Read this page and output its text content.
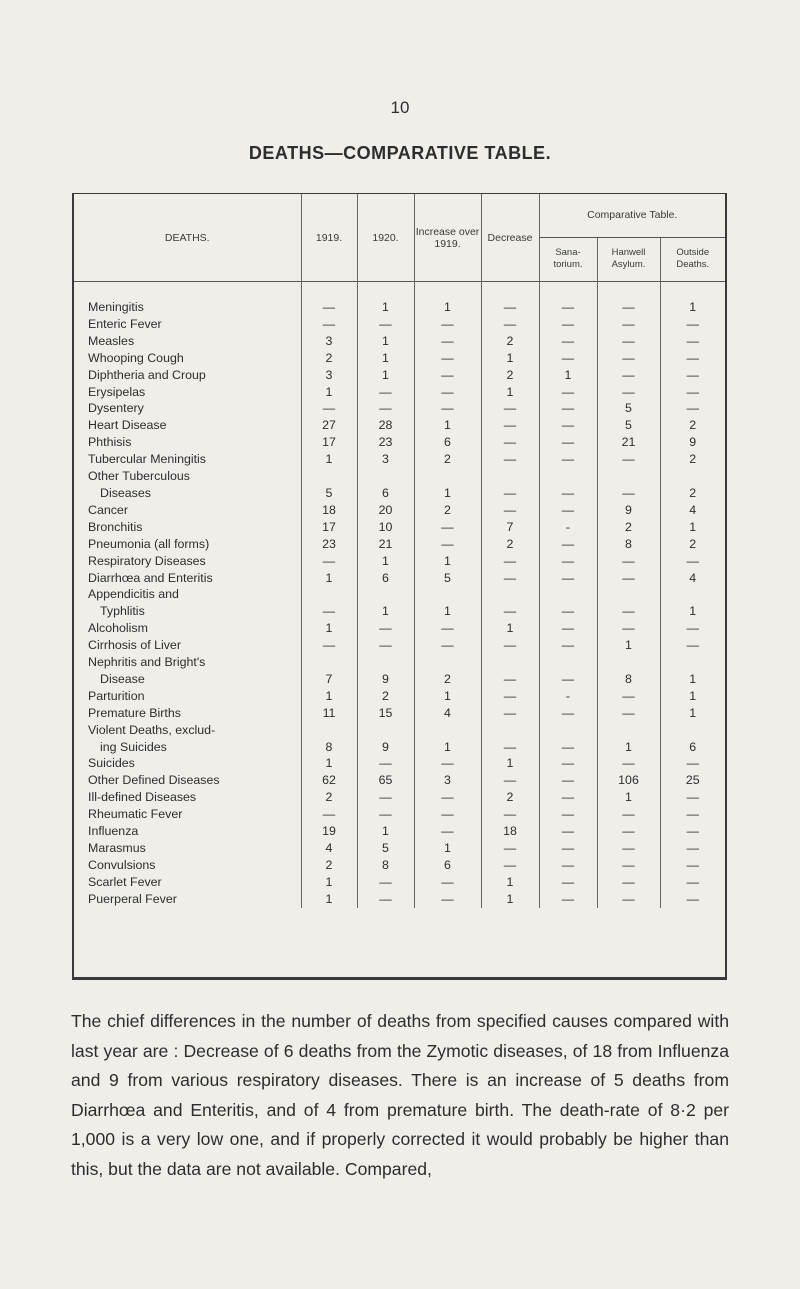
10
DEATHS—COMPARATIVE TABLE.
DEATHS.	1919.	1920.	Increase over 1919.	Decrease	Comparative Table.		
					Sana- torium.	Hanwell Asylum.	Outside Deaths.

Meningitis	—	1	1	—	—	—	1
Enteric Fever	—	—	—	—	—	—	—
Measles	3	1	—	2	—	—	—
Whooping Cough	2	1	—	1	—	—	—
Diphtheria and Croup	3	1	—	2	1	—	—
Erysipelas	1	—	—	1	—	—	—
Dysentery	—	—	—	—	—	5	—
Heart Disease	27	28	1	—	—	5	2
Phthisis	17	23	6	—	—	21	9
Tubercular Meningitis	1	3	2	—	—	—	2
Other Tuberculous							
Diseases	5	6	1	—	—	—	2
Cancer	18	20	2	—	—	9	4
Bronchitis	17	10	—	7	-	2	1
Pneumonia (all forms)	23	21	—	2	—	8	2
Respiratory Diseases	—	1	1	—	—	—	—
Diarrhœa and Enteritis	1	6	5	—	—	—	4
Appendicitis and							
Typhlitis	—	1	1	—	—	—	1
Alcoholism	1	—	—	1	—	—	—
Cirrhosis of Liver	—	—	—	—	—	1	—
Nephritis and Bright's							
Disease	7	9	2	—	—	8	1
Parturition	1	2	1	—	-	—	1
Premature Births	11	15	4	—	—	—	1
Violent Deaths, exclud-							
ing Suicides	8	9	1	—	—	1	6
Suicides	1	—	—	1	—	—	—
Other Defined Diseases	62	65	3	—	—	106	25
Ill-defined Diseases	2	—	—	2	—	1	—
Rheumatic Fever	—	—	—	—	—	—	—
Influenza	19	1	—	18	—	—	—
Marasmus	4	5	1	—	—	—	—
Convulsions	2	8	6	—	—	—	—
Scarlet Fever	1	—	—	1	—	—	—
Puerperal Fever	1	—	—	1	—	—	—
The chief differences in the number of deaths from specified causes compared with last year are : Decrease of 6 deaths from the Zymotic diseases, of 18 from Influenza and 9 from various respiratory diseases. There is an increase of 5 deaths from Diarrhœa and Enteritis, and of 4 from premature birth. The death-rate of 8·2 per 1,000 is a very low one, and if properly corrected it would probably be higher than this, but the data are not available. Compared,
